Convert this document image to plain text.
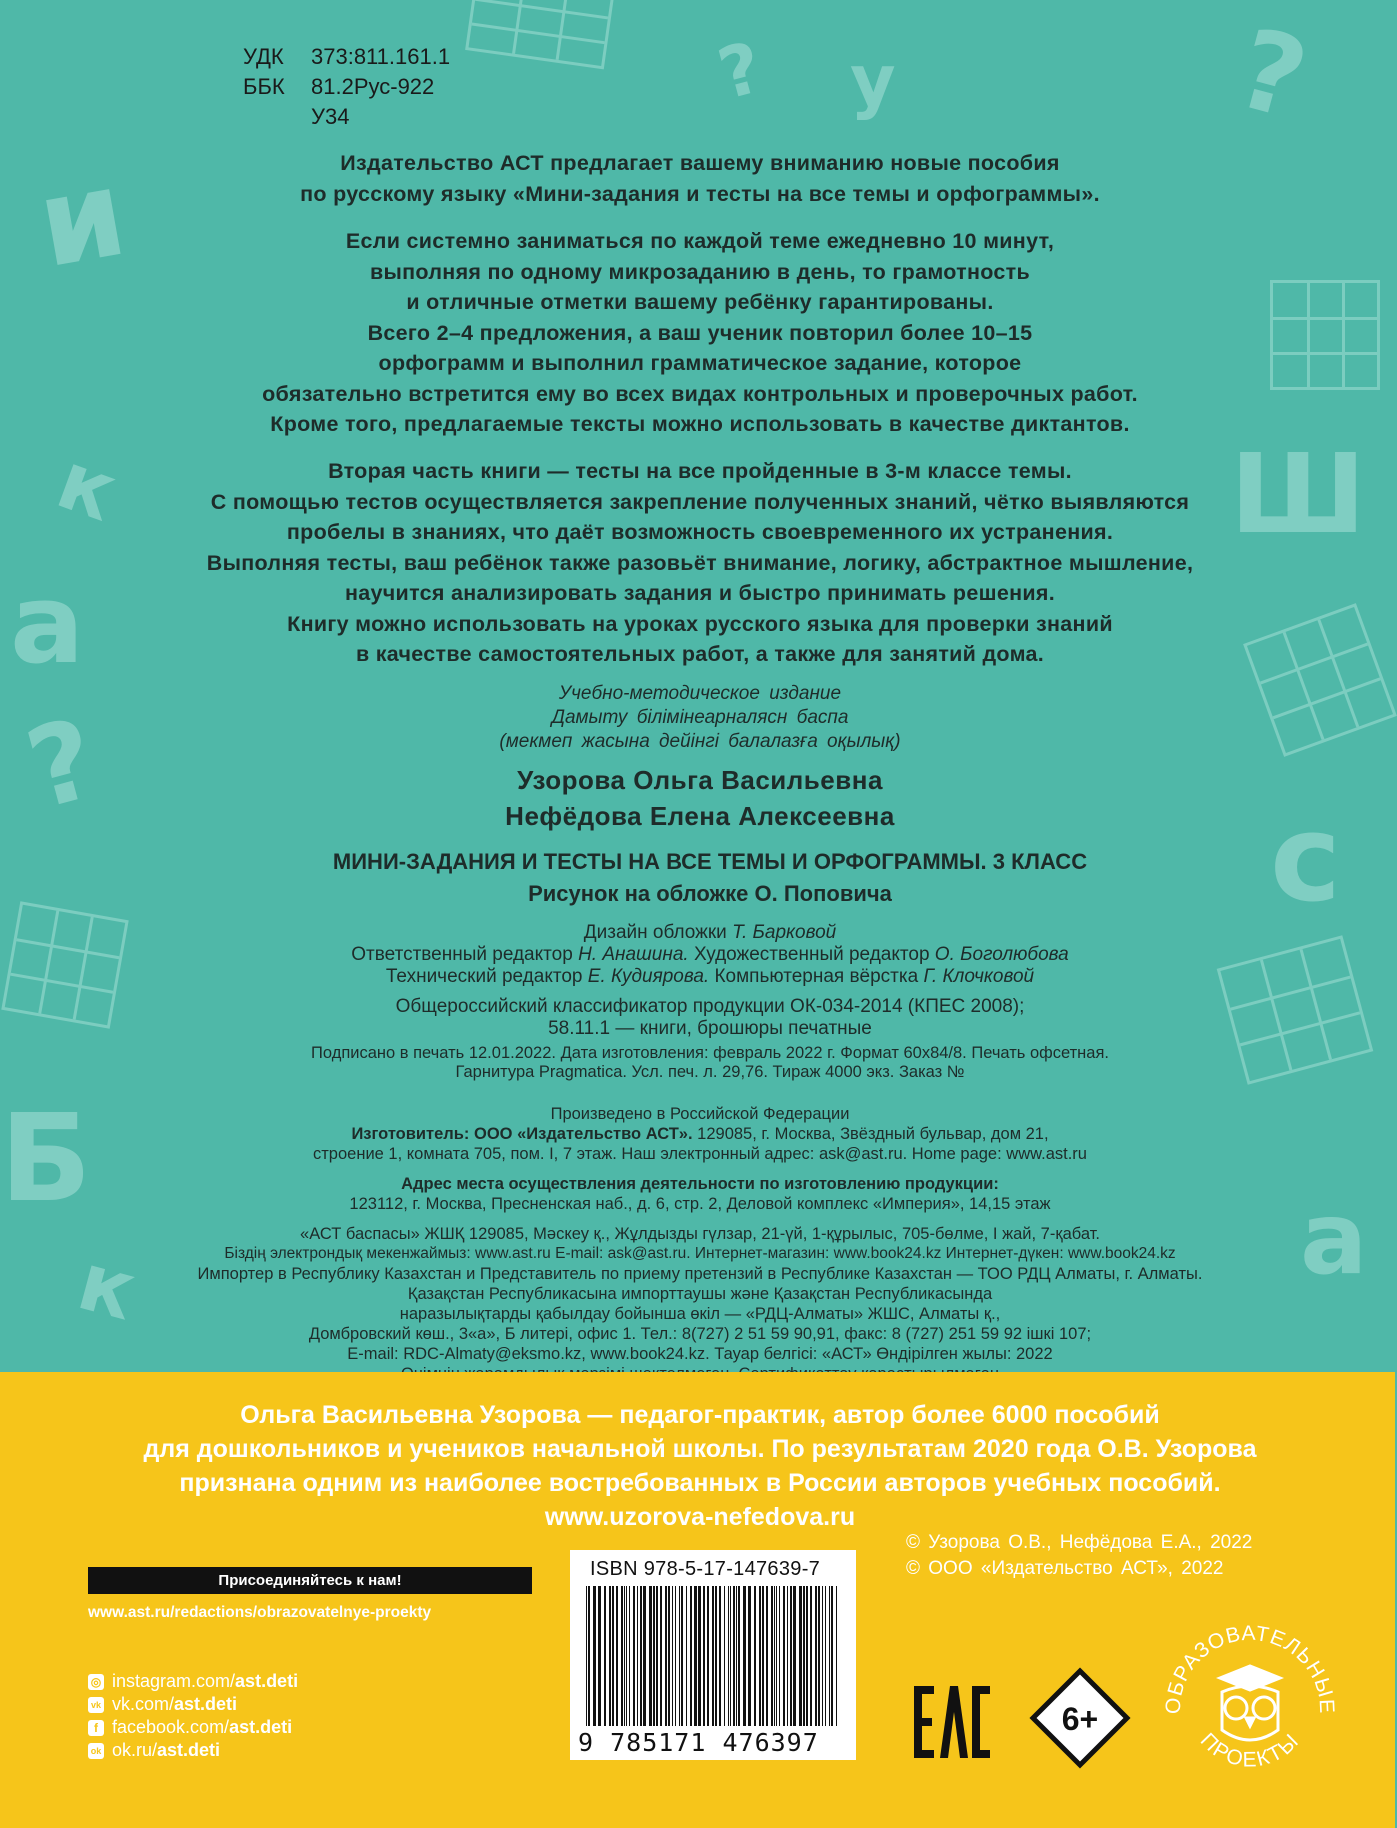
и
? у	?
к
а
Ш
?
с
Б
а
к
УДК	373:811.161.1
ББК	81.2Рус-922
У34
Издательство АСТ предлагает вашему вниманию новые пособия
по русскому языку «Мини-задания и тесты на все темы и орфограммы».
Если системно заниматься по каждой теме ежедневно 10 минут,
выполняя по одному микрозаданию в день, то грамотность
и отличные отметки вашему ребёнку гарантированы.
Всего 2–4 предложения, а ваш ученик повторил более 10–15
орфограмм и выполнил грамматическое задание, которое
обязательно встретится ему во всех видах контрольных и проверочных работ.
Кроме того, предлагаемые тексты можно использовать в качестве диктантов.
Вторая часть книги — тесты на все пройденные в 3-м классе темы.
С помощью тестов осуществляется закрепление полученных знаний, чётко выявляются
пробелы в знаниях, что даёт возможность своевременного их устранения.
Выполняя тесты, ваш ребёнок также разовьёт внимание, логику, абстрактное мышление,
научится анализировать задания и быстро принимать решения.
Книгу можно использовать на уроках русского языка для проверки знаний
в качестве самостоятельных работ, а также для занятий дома.
Учебно-методическое издание
Дамыту білімінеарналясн баспа
(мекмеп жасына дейінгі балалазға оқылық)
Узорова Ольга Васильевна
Нефёдова Елена Алексеевна
МИНИ-ЗАДАНИЯ И ТЕСТЫ НА ВСЕ ТЕМЫ И ОРФОГРАММЫ. 3 КЛАСС
Рисунок на обложке О. Поповича
Дизайн обложки Т. Барковой
Ответственный редактор Н. Анашина. Художественный редактор О. Боголюбова
Технический редактор Е. Кудиярова. Компьютерная вёрстка Г. Клочковой
Общероссийский классификатор продукции ОК-034-2014 (КПЕС 2008);
58.11.1 — книги, брошюры печатные
Подписано в печать 12.01.2022. Дата изготовления: февраль 2022 г. Формат 60x84/8. Печать офсетная.
Гарнитура Pragmatica. Усл. печ. л. 29,76. Тираж 4000 экз. Заказ №
Произведено в Российской Федерации
Изготовитель: ООО «Издательство АСТ». 129085, г. Москва, Звёздный бульвар, дом 21,
строение 1, комната 705, пом. I, 7 этаж. Наш электронный адрес: ask@ast.ru. Home page: www.ast.ru
Адрес места осуществления деятельности по изготовлению продукции:
123112, г. Москва, Пресненская наб., д. 6, стр. 2, Деловой комплекс «Империя», 14,15 этаж
«АСТ баспасы» ЖШҚ 129085, Мәскеу қ., Жұлдызды гүлзар, 21-үй, 1-құрылыс, 705-бөлме, I жай, 7-қабат.
Біздің электрондық мекенжаймыз: www.ast.ru E-mail: ask@ast.ru. Интернет-магазин: www.book24.kz Интернет-дүкен: www.book24.kz
Импортер в Республику Казахстан и Представитель по приему претензий в Республике Казахстан — ТОО РДЦ Алматы, г. Алматы.
Қазақстан Республикасына импорттаушы және Қазақстан Республикасында
наразылықтарды қабылдау бойынша өкіл — «РДЦ-Алматы» ЖШС, Алматы қ.,
Домбровский көш., 3«а», Б литері, офис 1. Тел.: 8(727) 2 51 59 90,91, факс: 8 (727) 251 59 92 ішкі 107;
E-mail: RDC-Almaty@eksmo.kz, www.book24.kz. Тауар белгісі: «АСТ» Өндірілген жылы: 2022
Ольга Васильевна Узорова — педагог-практик, автор более 6000 пособий
для дошкольников и учеников начальной школы. По результатам 2020 года О.В. Узорова
признана одним из наиболее востребованных в России авторов учебных пособий.
www.uzorova-nefedova.ru
© Узорова О.В., Нефёдова Е.А., 2022
© ООО «Издательство АСТ», 2022
Присоединяйтесь к нам!
www.ast.ru/redactions/obrazovatelnye-proekty
◎ instagram.com/ ast.deti
vk vk.com/ ast.deti
f facebook.com/ ast.deti
ok ok.ru/ ast.deti
ISBN 978-5-17-147639-7
9 785171 476397
6+	ОБРАЗОВАТЕЛЬНЫЕ
ПРОЕКТЫ
